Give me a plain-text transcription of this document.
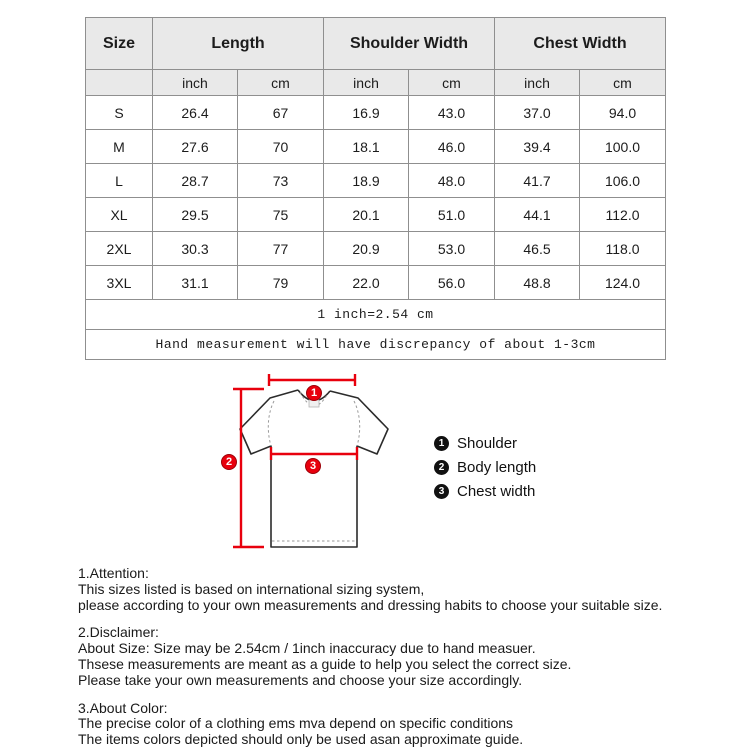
Size	Length		Shoulder Width		Chest Width	
	inch	cm	inch	cm	inch	cm
S	26.4	67	16.9	43.0	37.0	94.0
M	27.6	70	18.1	46.0	39.4	100.0
L	28.7	73	18.9	48.0	41.7	106.0
XL	29.5	75	20.1	51.0	44.1	112.0
2XL	30.3	77	20.9	53.0	46.5	118.0
3XL	31.1	79	22.0	56.0	48.8	124.0
1 inch=2.54 cm						
Hand measurement will have discrepancy of about 1-3cm						
1
2	3
1 Shoulder
2 Body length
3 Chest width
1.Attention:
This sizes listed is based on international sizing system,
please according to your own measurements and dressing habits to choose your suitable size.
2.Disclaimer:
About Size: Size may be 2.54cm / 1inch inaccuracy due to hand measuer.
Thsese measurements are meant as a guide to help you select the correct size.
Please take your own measurements and choose your size accordingly.
3.About Color:
The precise color of a clothing ems mva depend on specific conditions
The items colors depicted should only be used asan approximate guide.
